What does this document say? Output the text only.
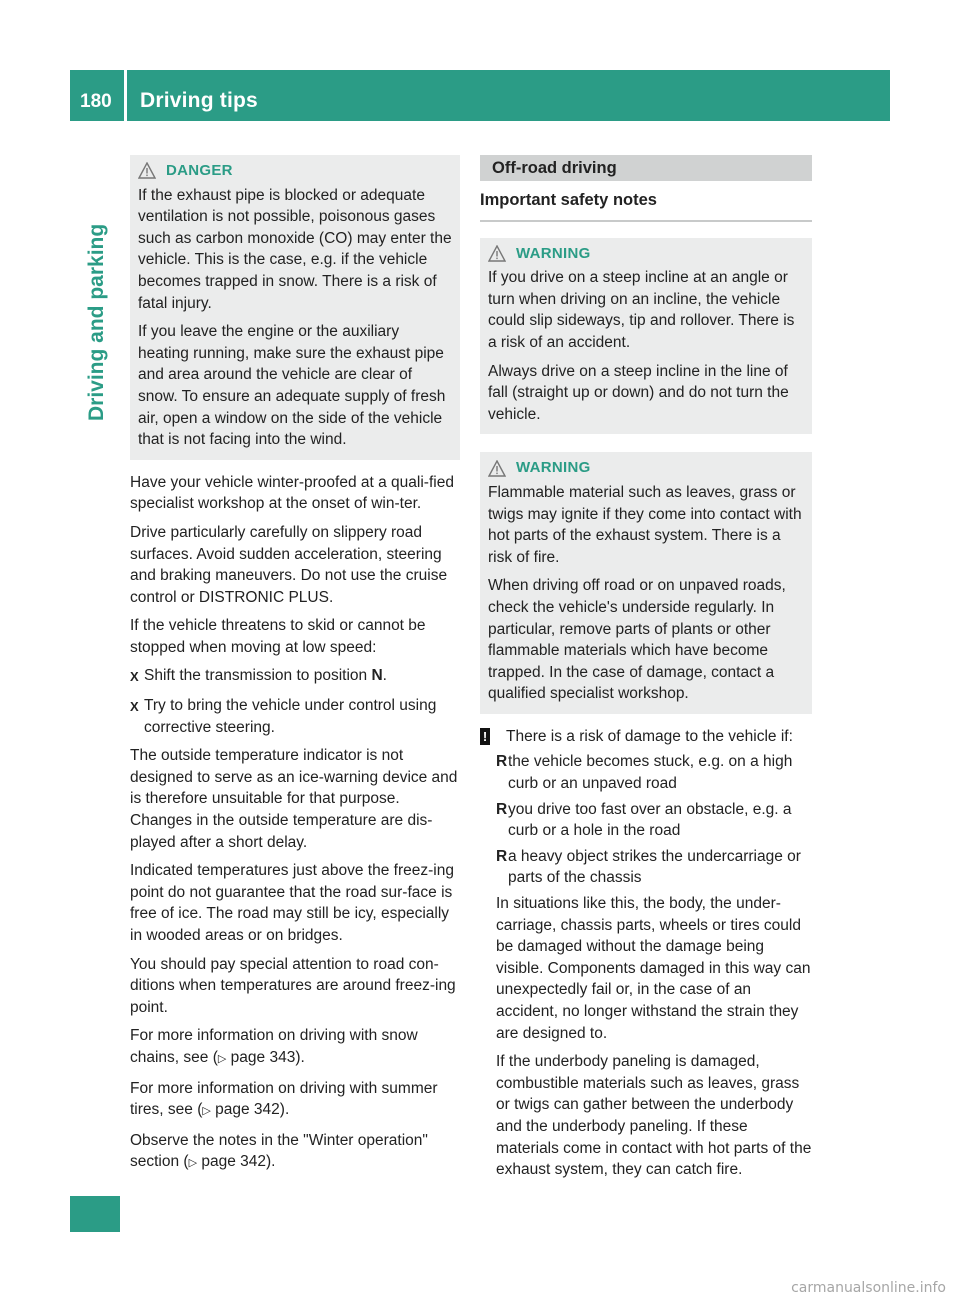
180 Driving tips
Driving and parking
DANGER

If the exhaust pipe is blocked or adequate ventilation is not possible, poisonous gases such as carbon monoxide (CO) may enter the vehicle. This is the case, e.g. if the vehicle becomes trapped in snow. There is a risk of fatal injury.

If you leave the engine or the auxiliary heating running, make sure the exhaust pipe and area around the vehicle are clear of snow. To ensure an adequate supply of fresh air, open a window on the side of the vehicle that is not facing into the wind.

Have your vehicle winter-proofed at a quali-fied specialist workshop at the onset of win-ter.

Drive particularly carefully on slippery road surfaces. Avoid sudden acceleration, steering and braking maneuvers. Do not use the cruise control or DISTRONIC PLUS.

If the vehicle threatens to skid or cannot be stopped when moving at low speed:

X Shift the transmission to position N.
X Try to bring the vehicle under control using corrective steering.

The outside temperature indicator is not designed to serve as an ice-warning device and is therefore unsuitable for that purpose. Changes in the outside temperature are dis-played after a short delay.

Indicated temperatures just above the freez-ing point do not guarantee that the road sur-face is free of ice. The road may still be icy, especially in wooded areas or on bridges.

You should pay special attention to road con-ditions when temperatures are around freez-ing point.

For more information on driving with snow chains, see (▷ page 343).

For more information on driving with summer tires, see (▷ page 342).

Observe the notes in the "Winter operation" section (▷ page 342).

Off-road driving
Important safety notes
WARNING

If you drive on a steep incline at an angle or turn when driving on an incline, the vehicle could slip sideways, tip and rollover. There is a risk of an accident.

Always drive on a steep incline in the line of fall (straight up or down) and do not turn the vehicle.

WARNING

Flammable material such as leaves, grass or twigs may ignite if they come into contact with hot parts of the exhaust system. There is a risk of fire.

When driving off road or on unpaved roads, check the vehicle's underside regularly. In particular, remove parts of plants or other flammable materials which have become trapped. In the case of damage, contact a qualified specialist workshop.

! There is a risk of damage to the vehicle if:
R the vehicle becomes stuck, e.g. on a high curb or an unpaved road
R you drive too fast over an obstacle, e.g. a curb or a hole in the road
R a heavy object strikes the undercarriage or parts of the chassis

In situations like this, the body, the under-carriage, chassis parts, wheels or tires could be damaged without the damage being visible. Components damaged in this way can unexpectedly fail or, in the case of an accident, no longer withstand the strain they are designed to.

If the underbody paneling is damaged, combustible materials such as leaves, grass or twigs can gather between the underbody and the underbody paneling. If these materials come in contact with hot parts of the exhaust system, they can catch fire.

carmanualsonline.info
